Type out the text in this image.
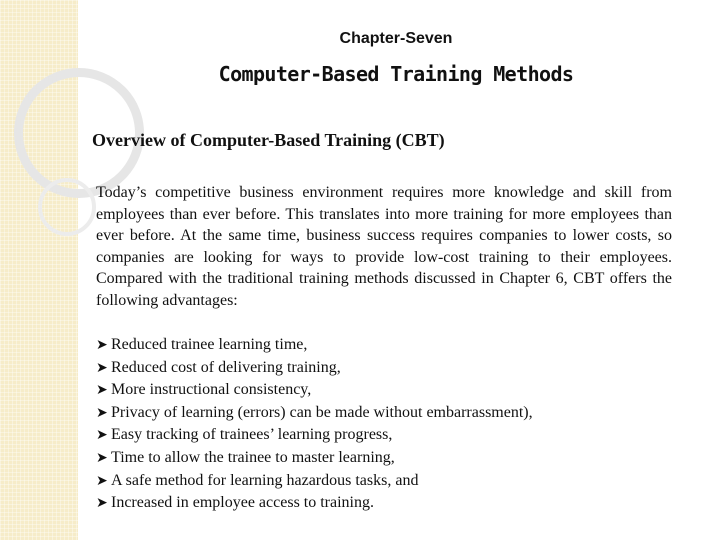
Chapter-Seven
Computer-Based Training Methods
Overview of Computer-Based Training (CBT)

Today’s competitive business environment requires more knowledge and skill from employees than ever before. This translates into more training for more employees than ever before. At the same time, business success requires companies to lower costs, so companies are looking for ways to provide low-cost training to their employees. Compared with the traditional training methods discussed in Chapter 6, CBT offers the following advantages:

➤ Reduced trainee learning time,
➤ Reduced cost of delivering training,
➤ More instructional consistency,
➤ Privacy of learning (errors) can be made without embarrassment),
➤ Easy tracking of trainees’ learning progress,
➤ Time to allow the trainee to master learning,
➤ A safe method for learning hazardous tasks, and
➤ Increased in employee access to training.
